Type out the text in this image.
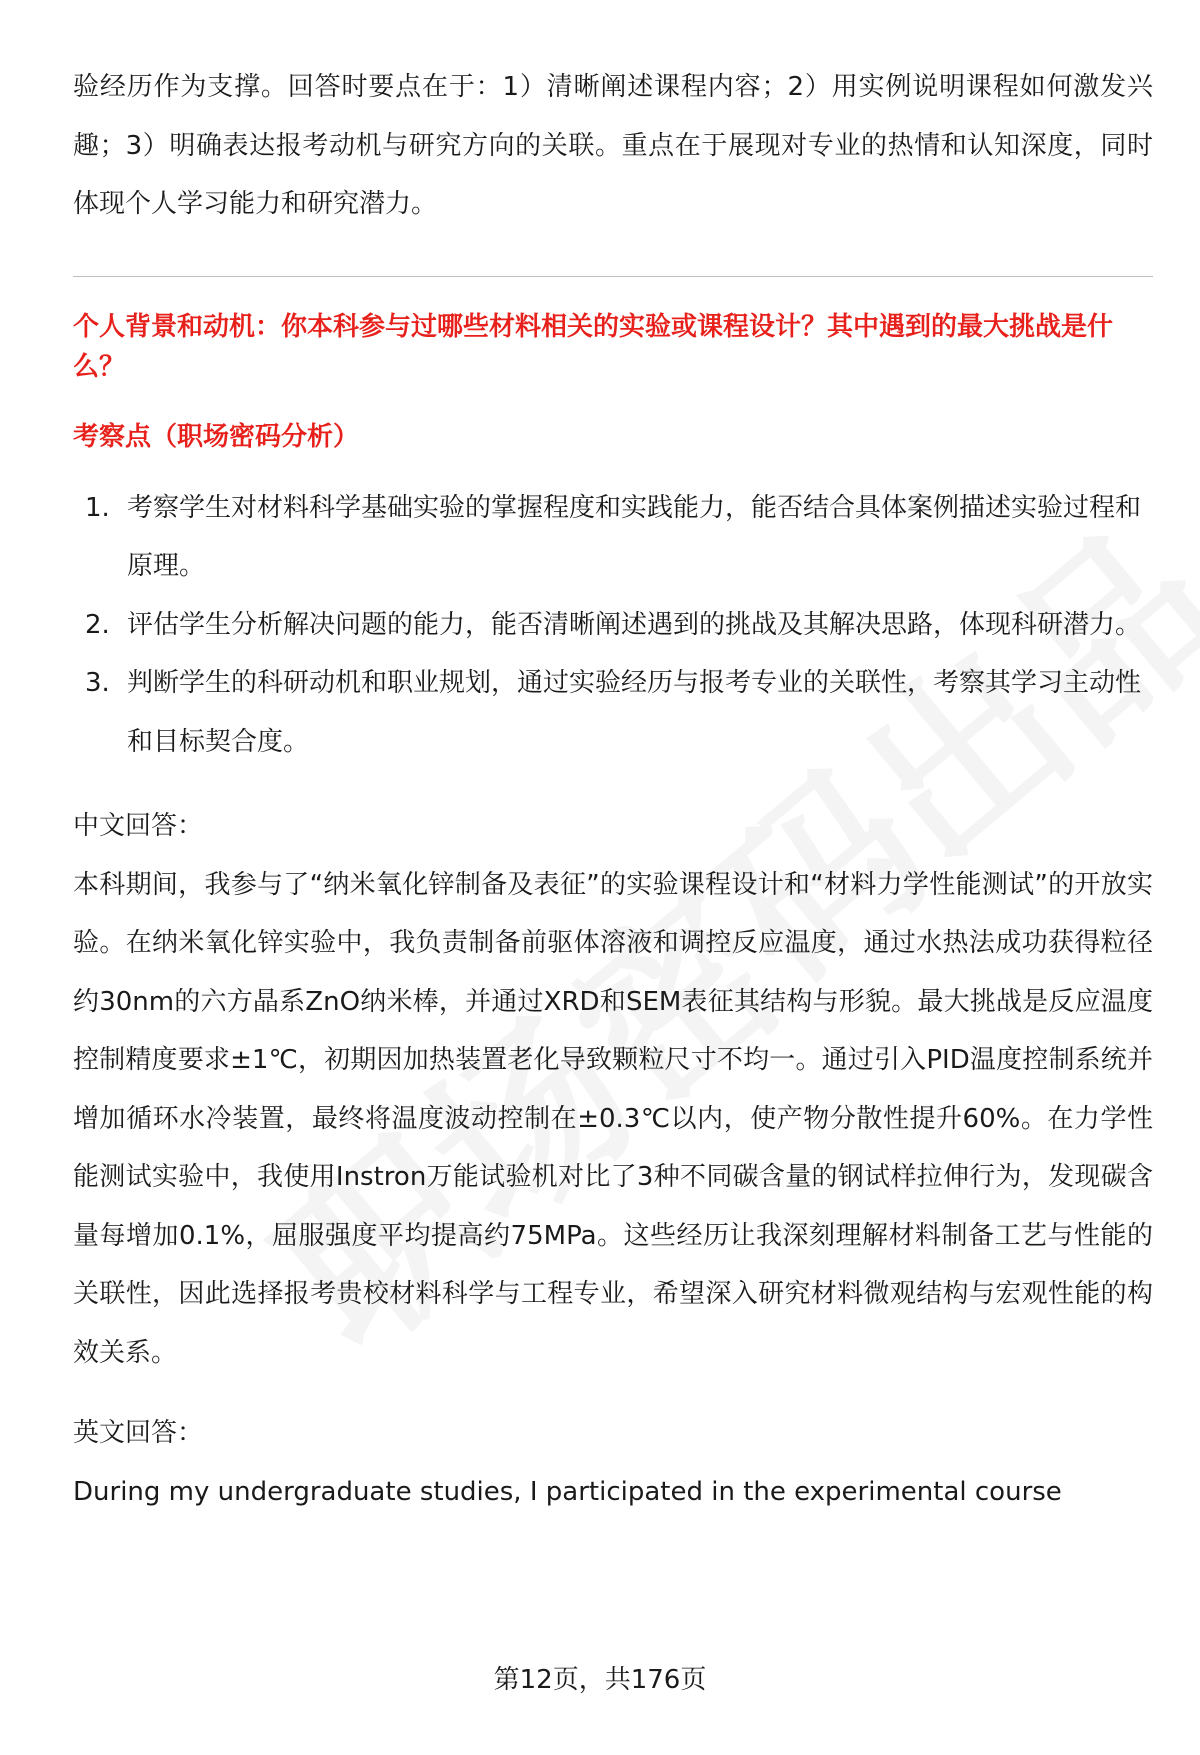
验经历作为支撑。回答时要点在于：1）清晰阐述课程内容；2）用实例说明课程如何激发兴趣；3）明确表达报考动机与研究方向的关联。重点在于展现对专业的热情和认知深度，同时体现个人学习能力和研究潜力。

个人背景和动机：你本科参与过哪些材料相关的实验或课程设计？其中遇到的最大挑战是什么？

考察点（职场密码分析）

1. 考察学生对材料科学基础实验的掌握程度和实践能力，能否结合具体案例描述实验过程和原理。
2. 评估学生分析解决问题的能力，能否清晰阐述遇到的挑战及其解决思路，体现科研潜力。
3. 判断学生的科研动机和职业规划，通过实验经历与报考专业的关联性，考察其学习主动性和目标契合度。

中文回答：

本科期间，我参与了“纳米氧化锌制备及表征”的实验课程设计和“材料力学性能测试”的开放实验。在纳米氧化锌实验中，我负责制备前驱体溶液和调控反应温度，通过水热法成功获得粒径约30nm的六方晶系ZnO纳米棒，并通过XRD和SEM表征其结构与形貌。最大挑战是反应温度控制精度要求±1℃，初期因加热装置老化导致颗粒尺寸不均一。通过引入PID温度控制系统并增加循环水冷装置，最终将温度波动控制在±0.3℃以内，使产物分散性提升60%。在力学性能测试实验中，我使用Instron万能试验机对比了3种不同碳含量的钢试样拉伸行为，发现碳含量每增加0.1%，屈服强度平均提高约75MPa。这些经历让我深刻理解材料制备工艺与性能的关联性，因此选择报考贵校材料科学与工程专业，希望深入研究材料微观结构与宏观性能的构效关系。

英文回答：

During my undergraduate studies, I participated in the experimental course

第12页，共176页
